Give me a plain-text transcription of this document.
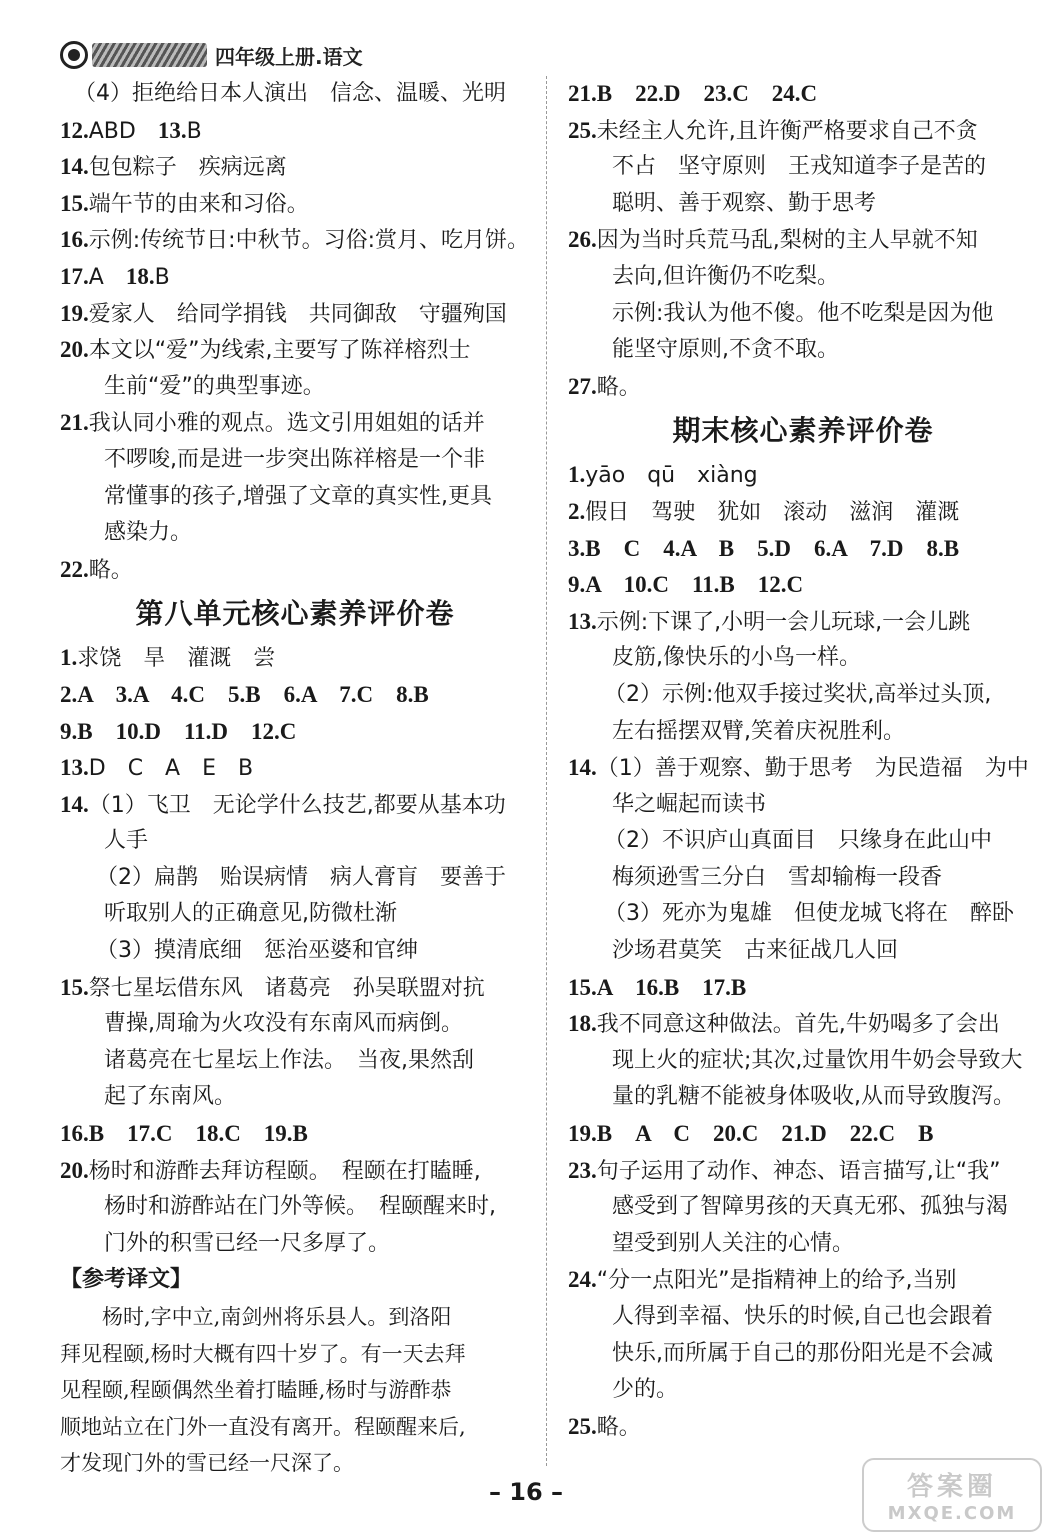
四年级上册.语文
（4）拒绝给日本人演出　信念、温暖、光明
12.ABD　13.B
14.包包粽子　疾病远离
15.端午节的由来和习俗。
16.示例:传统节日:中秋节。习俗:赏月、吃月饼。
17.A　18.B
19.爱家人　给同学捐钱　共同御敌　守疆殉国
20.本文以“爱”为线索,主要写了陈祥榕烈士
生前“爱”的典型事迹。
21.我认同小雅的观点。选文引用姐姐的话并
不啰唆,而是进一步突出陈祥榕是一个非
常懂事的孩子,增强了文章的真实性,更具
感染力。
22.略。
第八单元核心素养评价卷
1.求饶　旱　灌溉　尝
2.A　3.A　4.C　5.B　6.A　7.C　8.B
9.B　10.D　11.D　12.C
13.D　C　A　E　B
14.（1）飞卫　无论学什么技艺,都要从基本功
人手
（2）扁鹊　贻误病情　病人膏肓　要善于
听取别人的正确意见,防微杜渐
（3）摸清底细　惩治巫婆和官绅
15.祭七星坛借东风　诸葛亮　孙吴联盟对抗
曹操,周瑜为火攻没有东南风而病倒。
诸葛亮在七星坛上作法。　当夜,果然刮
起了东南风。
16.B　17.C　18.C　19.B
20.杨时和游酢去拜访程颐。　程颐在打瞌睡,
杨时和游酢站在门外等候。　程颐醒来时,
门外的积雪已经一尺多厚了。
【参考译文】
杨时,字中立,南剑州将乐县人。到洛阳
拜见程颐,杨时大概有四十岁了。有一天去拜
见程颐,程颐偶然坐着打瞌睡,杨时与游酢恭
顺地站立在门外一直没有离开。程颐醒来后,
才发现门外的雪已经一尺深了。
21.B　22.D　23.C　24.C
25.未经主人允许,且许衡严格要求自己不贪
不占　坚守原则　王戎知道李子是苦的
聪明、善于观察、勤于思考
26.因为当时兵荒马乱,梨树的主人早就不知
去向,但许衡仍不吃梨。
示例:我认为他不傻。他不吃梨是因为他
能坚守原则,不贪不取。
27.略。
期末核心素养评价卷
1.yāo　qū　xiàng
2.假日　驾驶　犹如　滚动　滋润　灌溉
3.B　C　4.A　B　5.D　6.A　7.D　8.B
9.A　10.C　11.B　12.C
13.示例:下课了,小明一会儿玩球,一会儿跳
皮筋,像快乐的小鸟一样。
（2）示例:他双手接过奖状,高举过头顶,
左右摇摆双臂,笑着庆祝胜利。
14.（1）善于观察、勤于思考　为民造福　为中
华之崛起而读书
（2）不识庐山真面目　只缘身在此山中
梅须逊雪三分白　雪却输梅一段香
（3）死亦为鬼雄　但使龙城飞将在　醉卧
沙场君莫笑　古来征战几人回
15.A　16.B　17.B
18.我不同意这种做法。首先,牛奶喝多了会出
现上火的症状;其次,过量饮用牛奶会导致大
量的乳糖不能被身体吸收,从而导致腹泻。
19.B　A　C　20.C　21.D　22.C　B
23.句子运用了动作、神态、语言描写,让“我”
感受到了智障男孩的天真无邪、孤独与渴
望受到别人关注的心情。
24.“分一点阳光”是指精神上的给予,当别
人得到幸福、快乐的时候,自己也会跟着
快乐,而所属于自己的那份阳光是不会减
少的。
25.略。
– 16 –	答案圈
MXQE.COM
